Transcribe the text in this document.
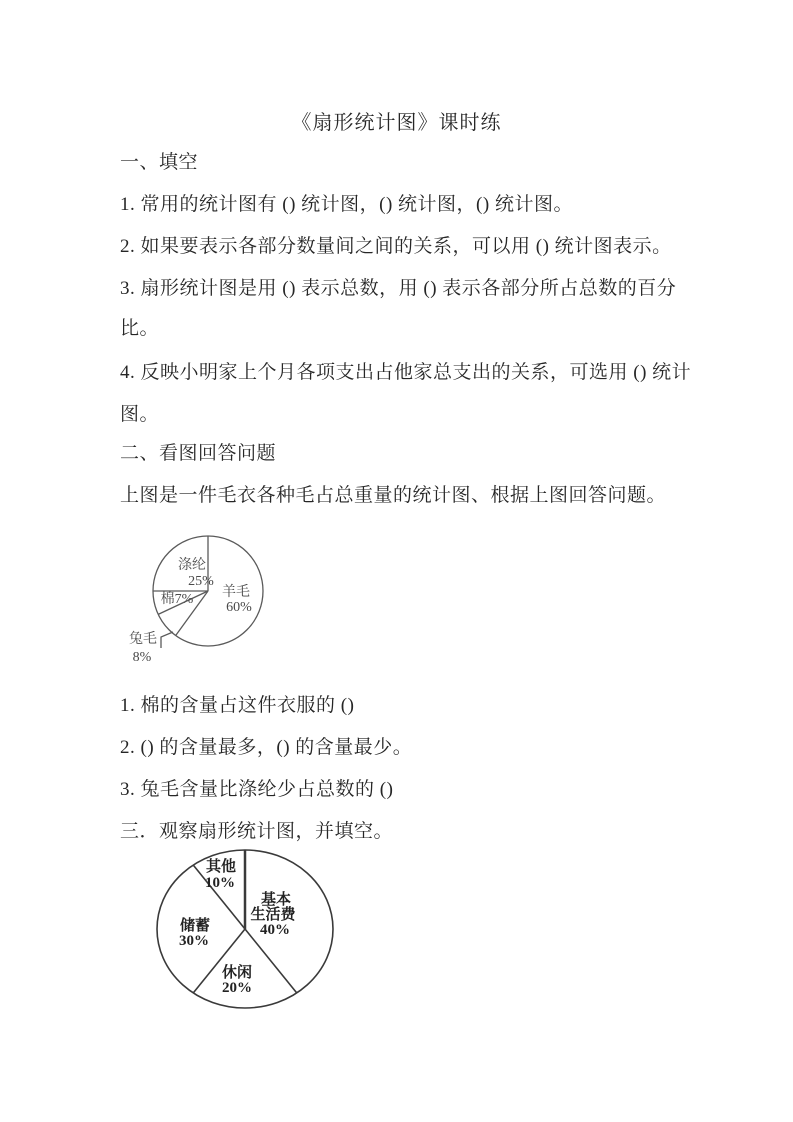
《扇形统计图》课时练
一、填空
1. 常用的统计图有 () 统计图，() 统计图，() 统计图。
2. 如果要表示各部分数量间之间的关系，可以用 () 统计图表示。
3. 扇形统计图是用 () 表示总数，用 () 表示各部分所占总数的百分
比。
4. 反映小明家上个月各项支出占他家总支出的关系，可选用 () 统计
图。
二、看图回答问题
上图是一件毛衣各种毛占总重量的统计图、根据上图回答问题。
涤纶
25%
羊毛
60%
棉7%
兔毛
8%
1. 棉的含量占这件衣服的 ()
2. () 的含量最多，() 的含量最少。
3. 兔毛含量比涤纶少占总数的 ()
三．观察扇形统计图，并填空。
其他
10%
基本
生活费
40%
储蓄
30%
休闲
20%
